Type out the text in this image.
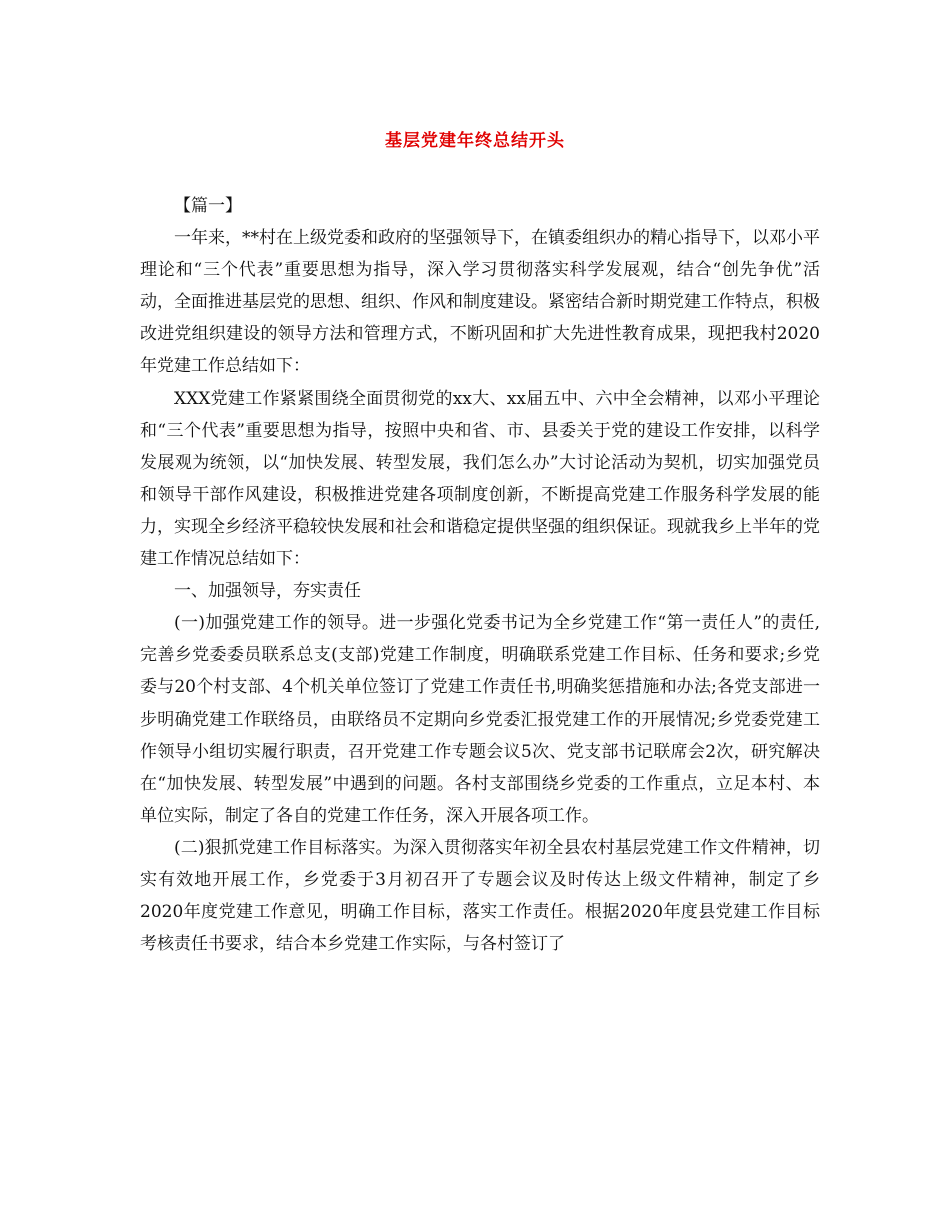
基层党建年终总结开头

【篇一】

一年来，**村在上级党委和政府的坚强领导下，在镇委组织办的精心指导下，以邓小平理论和“三个代表”重要思想为指导，深入学习贯彻落实科学发展观，结合“创先争优”活动，全面推进基层党的思想、组织、作风和制度建设。紧密结合新时期党建工作特点，积极改进党组织建设的领导方法和管理方式，不断巩固和扩大先进性教育成果，现把我村2020年党建工作总结如下：

XXX党建工作紧紧围绕全面贯彻党的xx大、xx届五中、六中全会精神，以邓小平理论和“三个代表”重要思想为指导，按照中央和省、市、县委关于党的建设工作安排，以科学发展观为统领，以“加快发展、转型发展，我们怎么办”大讨论活动为契机，切实加强党员和领导干部作风建设，积极推进党建各项制度创新，不断提高党建工作服务科学发展的能力，实现全乡经济平稳较快发展和社会和谐稳定提供坚强的组织保证。现就我乡上半年的党建工作情况总结如下：

一、加强领导，夯实责任

(一)加强党建工作的领导。进一步强化党委书记为全乡党建工作“第一责任人”的责任,完善乡党委委员联系总支(支部)党建工作制度，明确联系党建工作目标、任务和要求;乡党委与20个村支部、4个机关单位签订了党建工作责任书,明确奖惩措施和办法;各党支部进一步明确党建工作联络员，由联络员不定期向乡党委汇报党建工作的开展情况;乡党委党建工作领导小组切实履行职责，召开党建工作专题会议5次、党支部书记联席会2次，研究解决在“加快发展、转型发展”中遇到的问题。各村支部围绕乡党委的工作重点，立足本村、本单位实际，制定了各自的党建工作任务，深入开展各项工作。

(二)狠抓党建工作目标落实。为深入贯彻落实年初全县农村基层党建工作文件精神，切实有效地开展工作，乡党委于3月初召开了专题会议及时传达上级文件精神，制定了乡2020年度党建工作意见，明确工作目标，落实工作责任。根据2020年度县党建工作目标考核责任书要求，结合本乡党建工作实际，与各村签订了
